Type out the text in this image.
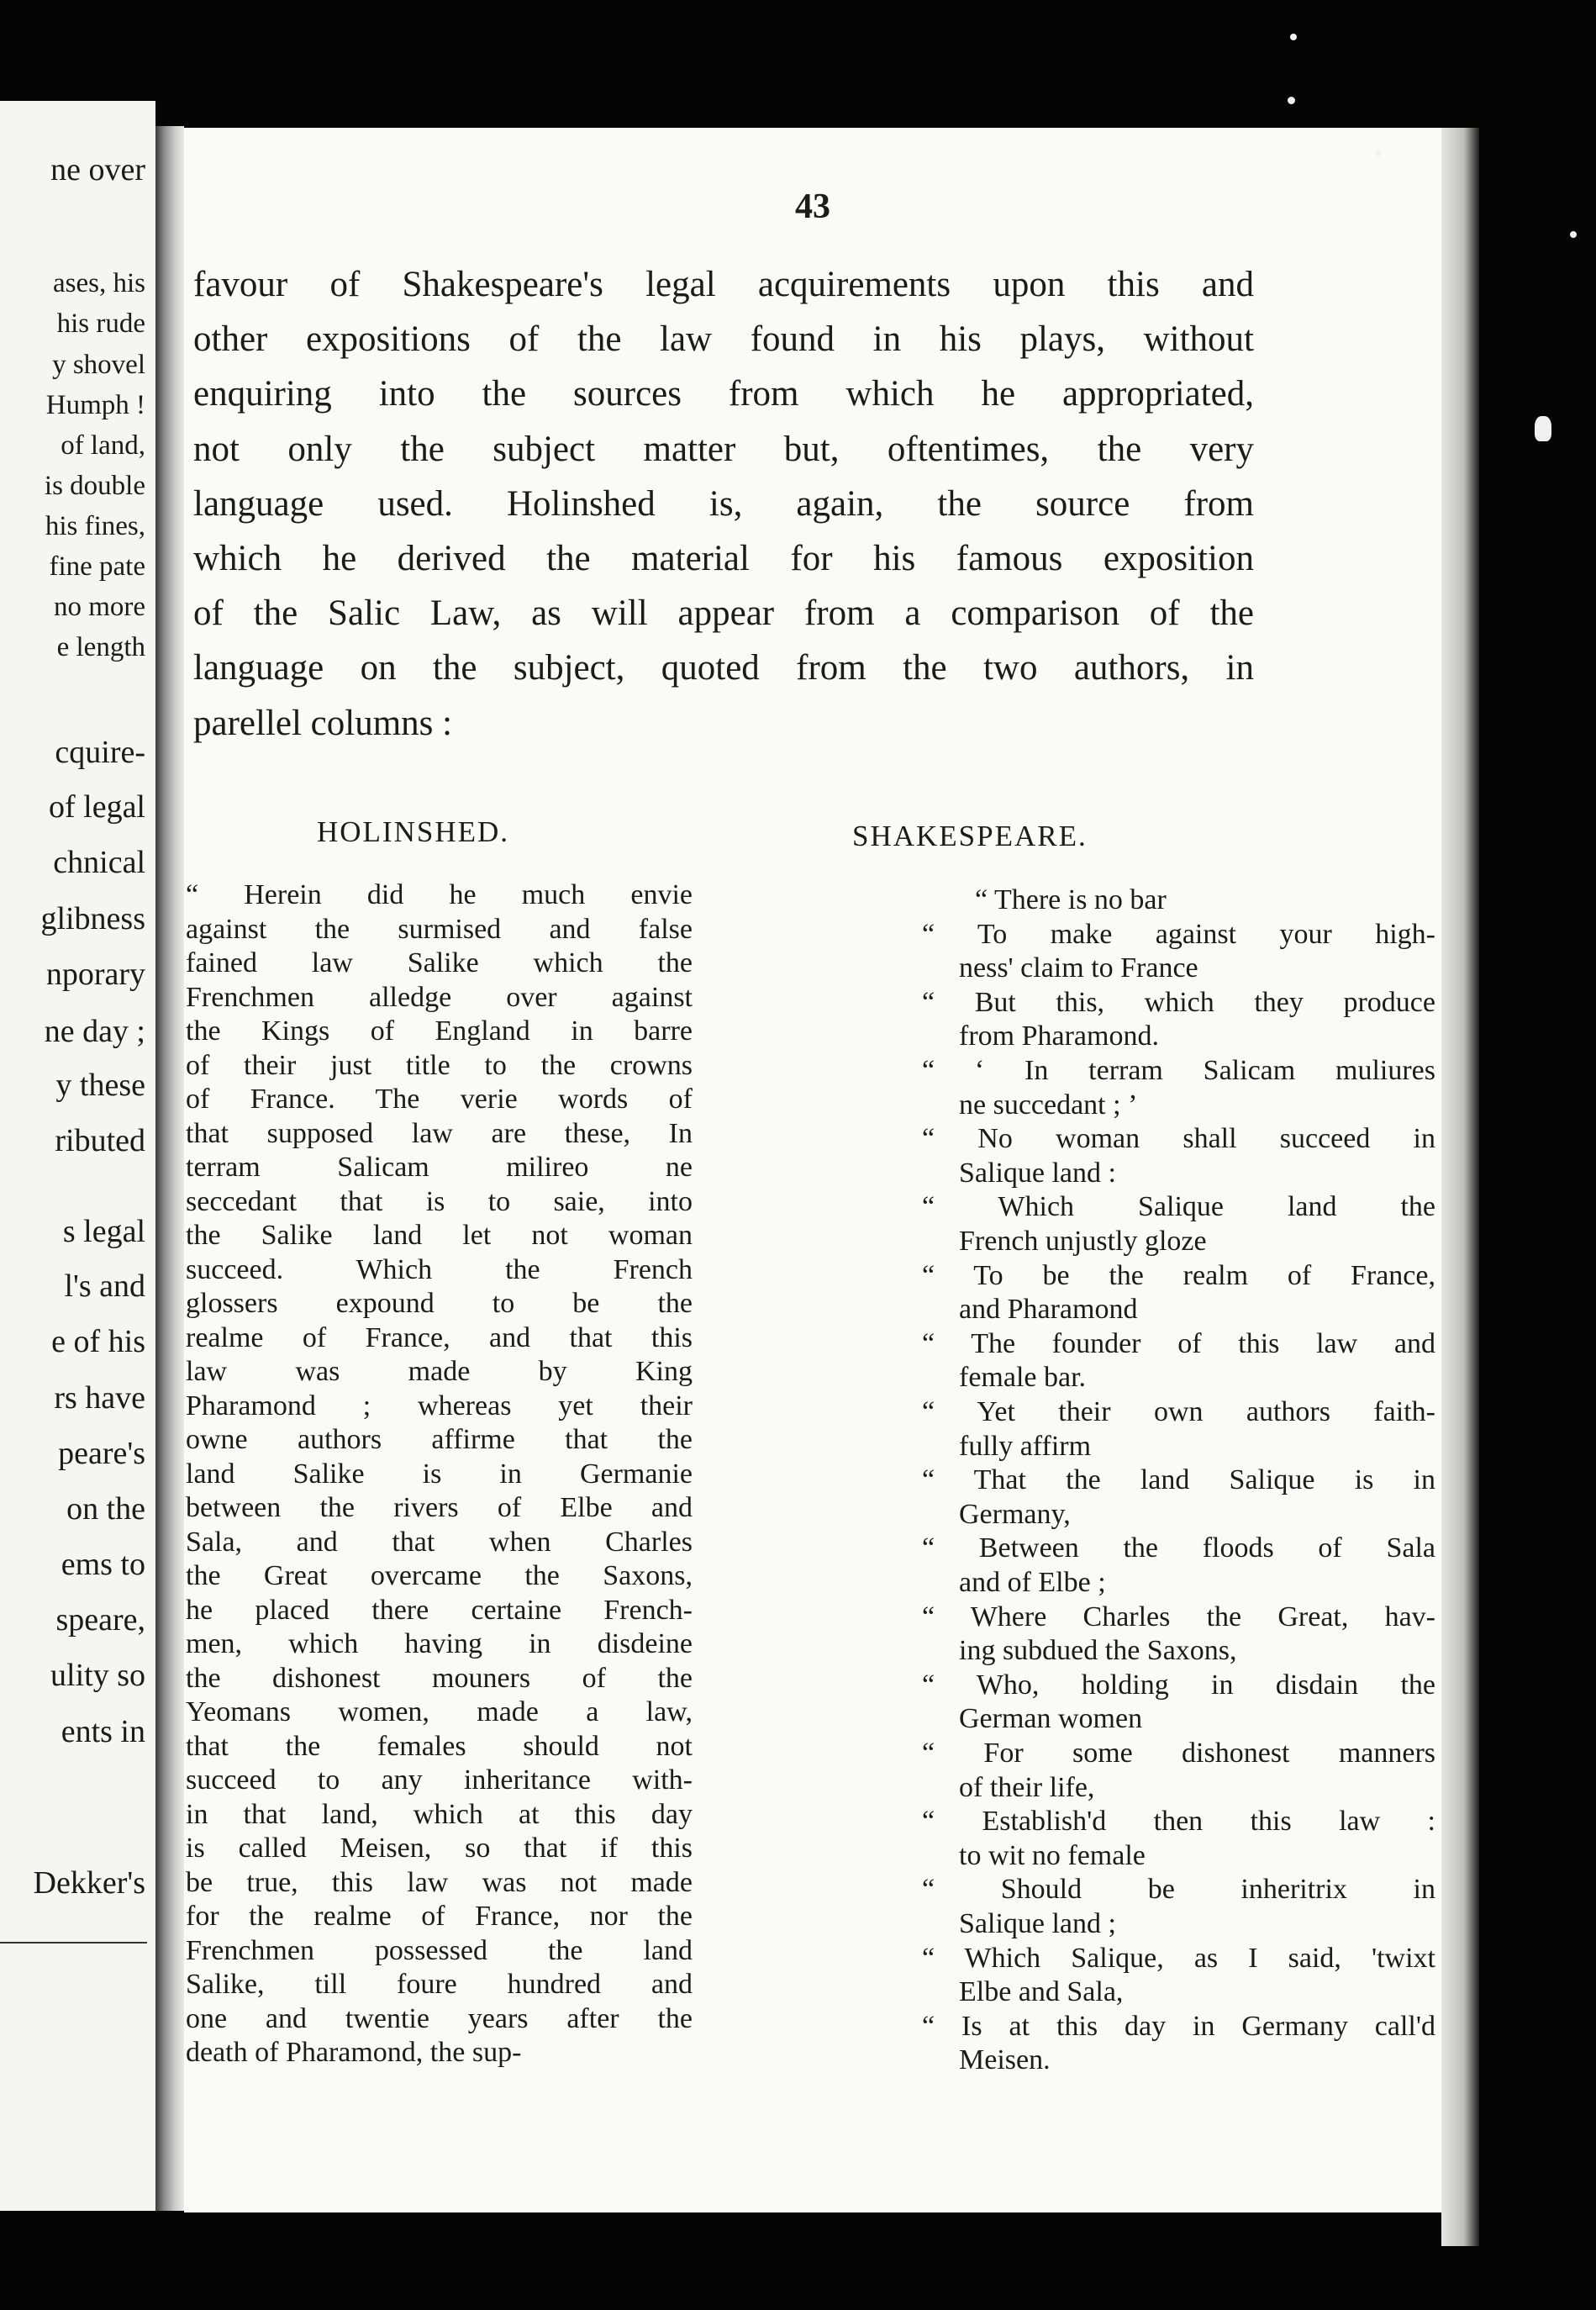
ne over
ases, his
his rude
y shovel
Humph !
of land,
is double
his fines,
fine pate
no more
e length
cquire-
of legal
chnical
glibness
nporary
ne day ;
y these
ributed
s legal
l's and
e of his
rs have
peare's
on the
ems to
speare,
ulity so
ents in
Dekker's
43
favour of Shakespeare's legal acquirements upon this and
other expositions of the law found in his plays, without
enquiring into the sources from which he appropriated,
not only the subject matter but, oftentimes, the very
language used. Holinshed is, again, the source from
which he derived the material for his famous exposition
of the Salic Law, as will appear from a comparison of the
language on the subject, quoted from the two authors, in
parellel columns :
HOLINSHED.
“ Herein did he much envie
against the surmised and false
fained law Salike which the
Frenchmen alledge over against
the Kings of England in barre
of their just title to the crowns
of France. The verie words of
that supposed law are these, In
terram Salicam milireo ne
seccedant that is to saie, into
the Salike land let not woman
succeed. Which the French
glossers expound to be the
realme of France, and that this
law was made by King
Pharamond ; whereas yet their
owne authors affirme that the
land Salike is in Germanie
between the rivers of Elbe and
Sala, and that when Charles
the Great overcame the Saxons,
he placed there certaine French-
men, which having in disdeine
the dishonest mouners of the
Yeomans women, made a law,
that the females should not
succeed to any inheritance with-
in that land, which at this day
is called Meisen, so that if this
be true, this law was not made
for the realme of France, nor the
Frenchmen possessed the land
Salike, till foure hundred and
one and twentie years after the
death of Pharamond, the sup-
SHAKESPEARE.
“ There is no bar
“ To make against your high-
ness' claim to France
“ But this, which they produce
from Pharamond.
“ ‘ In terram Salicam muliures
ne succedant ; ’
“ No woman shall succeed in
Salique land :
“ Which Salique land the
French unjustly gloze
“ To be the realm of France,
and Pharamond
“ The founder of this law and
female bar.
“ Yet their own authors faith-
fully affirm
“ That the land Salique is in
Germany,
“ Between the floods of Sala
and of Elbe ;
“ Where Charles the Great, hav-
ing subdued the Saxons,
“ Who, holding in disdain the
German women
“ For some dishonest manners
of their life,
“ Establish'd then this law :
to wit no female
“ Should be inheritrix in
Salique land ;
“ Which Salique, as I said, 'twixt
Elbe and Sala,
“ Is at this day in Germany call'd
Meisen.
